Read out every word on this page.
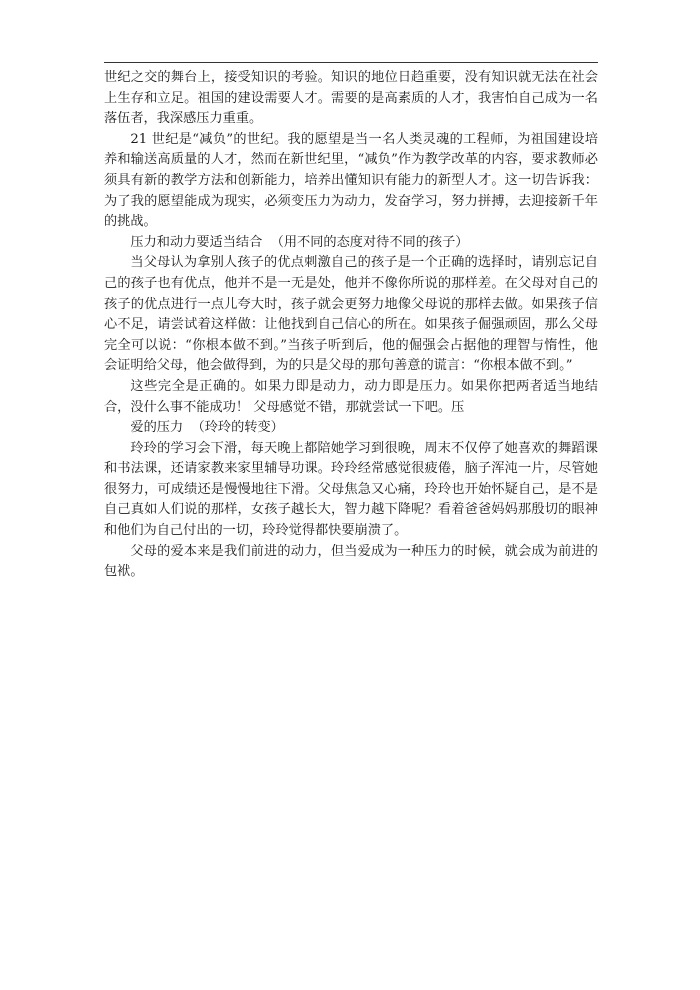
世纪之交的舞台上，接受知识的考验。知识的地位日趋重要，没有知识就无法在社会上生存和立足。祖国的建设需要人才。需要的是高素质的人才，我害怕自己成为一名落伍者，我深感压力重重。

21 世纪是“减负”的世纪。我的愿望是当一名人类灵魂的工程师，为祖国建设培养和输送高质量的人才，然而在新世纪里，“减负”作为教学改革的内容，要求教师必须具有新的教学方法和创新能力，培养出懂知识有能力的新型人才。这一切告诉我：为了我的愿望能成为现实，必须变压力为动力，发奋学习，努力拼搏，去迎接新千年的挑战。

压力和动力要适当结合  （用不同的态度对待不同的孩子）

当父母认为拿别人孩子的优点刺激自己的孩子是一个正确的选择时，请别忘记自己的孩子也有优点，他并不是一无是处，他并不像你所说的那样差。在父母对自己的孩子的优点进行一点儿夸大时，孩子就会更努力地像父母说的那样去做。如果孩子信心不足，请尝试着这样做：让他找到自己信心的所在。如果孩子倔强顽固，那么父母完全可以说：“你根本做不到。”当孩子听到后，他的倔强会占据他的理智与惰性，他会证明给父母，他会做得到，为的只是父母的那句善意的谎言：“你根本做不到。”

这些完全是正确的。如果力即是动力，动力即是压力。如果你把两者适当地结合，没什么事不能成功！ 父母感觉不错，那就尝试一下吧。压

爱的压力  （玲玲的转变）

玲玲的学习会下滑，每天晚上都陪她学习到很晚，周末不仅停了她喜欢的舞蹈课和书法课，还请家教来家里辅导功课。玲玲经常感觉很疲倦，脑子浑沌一片，尽管她很努力，可成绩还是慢慢地往下滑。父母焦急又心痛，玲玲也开始怀疑自己，是不是自己真如人们说的那样，女孩子越长大，智力越下降呢？看着爸爸妈妈那殷切的眼神和他们为自己付出的一切，玲玲觉得都快要崩溃了。

父母的爱本来是我们前进的动力，但当爱成为一种压力的时候，就会成为前进的包袱。
